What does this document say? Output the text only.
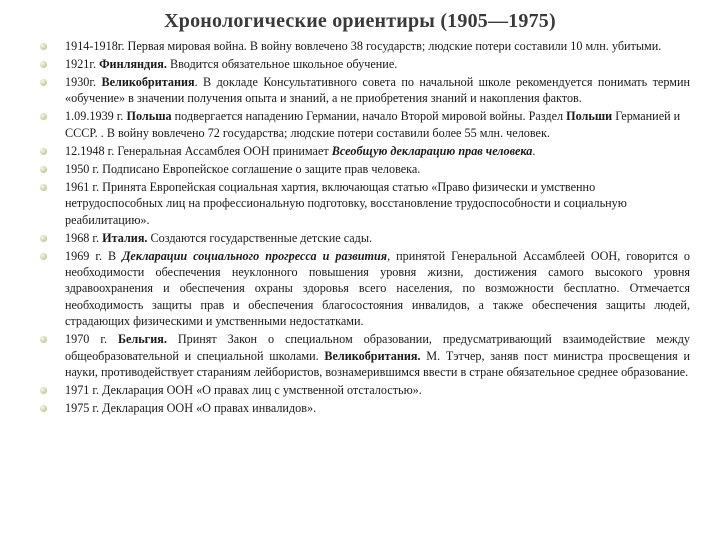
Хронологические ориентиры (1905—1975)
1914-1918г. Первая мировая война. В войну вовлечено 38 государств; людские потери составили 10 млн. убитыми.
1921г. Финляндия. Вводится обязательное школьное обучение.
1930г. Великобритания. В докладе Консультативного совета по начальной школе рекомендуется понимать термин «обучение» в значении получения опыта и знаний, а не приобретения знаний и накопления фактов.
1.09.1939 г. Польша подвергается нападению Германии, начало Второй мировой войны. Раздел Польши Германией и СССР. . В войну вовлечено 72 государства; людские потери составили более 55 млн. человек.
12.1948 г. Генеральная Ассамблея ООН принимает Всеобщую декларацию прав человека.
1950 г. Подписано Европейское соглашение о защите прав человека.
1961 г. Принята Европейская социальная хартия, включающая статью «Право физически и умственно нетрудоспособных лиц на профессиональную подготовку, восстановление трудоспособности и социальную реабилитацию».
1968 г. Италия. Создаются государственные детские сады.
1969 г. В Декларации социального прогресса и развития, принятой Генеральной Ассамблеей ООН, говорится о необходимости обеспечения неуклонного повышения уровня жизни, достижения самого высокого уровня здравоохранения и обеспечения охраны здоровья всего населения, по возможности бесплатно. Отмечается необходимость защиты прав и обеспечения благосостояния инвалидов, а также обеспечения защиты людей, страдающих физическими и умственными недостатками.
1970 г. Бельгия. Принят Закон о специальном образовании, предусматривающий взаимодействие между общеобразовательной и специальной школами. Великобритания. М. Тэтчер, заняв пост министра просвещения и науки, противодействует стараниям лейбористов, вознамерившимся ввести в стране обязательное среднее образование.
1971 г. Декларация ООН «О правах лиц с умственной отсталостью».
1975 г. Декларация ООН «О правах инвалидов».
